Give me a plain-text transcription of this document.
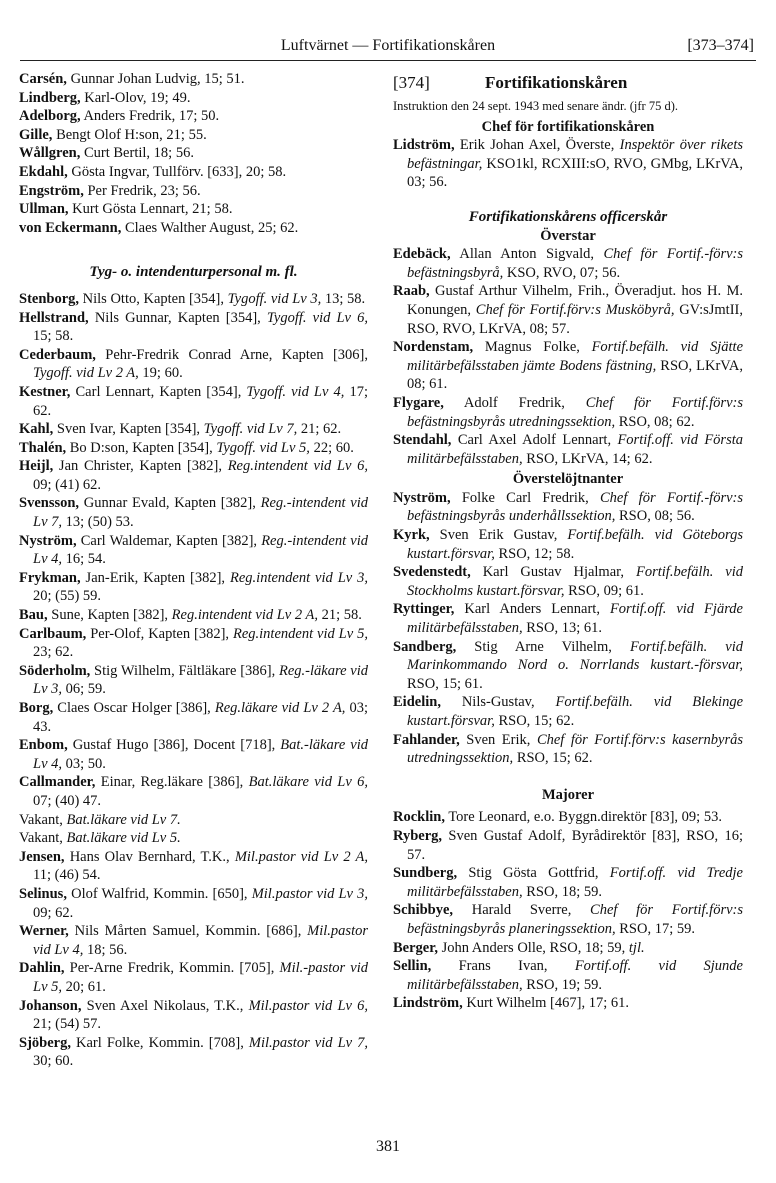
Luftvärnet — Fortifikationskåren	[373–374]
Carsén, Gunnar Johan Ludvig, 15; 51.
Lindberg, Karl-Olov, 19; 49.
Adelborg, Anders Fredrik, 17; 50.
Gille, Bengt Olof H:son, 21; 55.
Wållgren, Curt Bertil, 18; 56.
Ekdahl, Gösta Ingvar, Tullförv. [633], 20; 58.
Engström, Per Fredrik, 23; 56.
Ullman, Kurt Gösta Lennart, 21; 58.
von Eckermann, Claes Walther August, 25; 62.
Tyg- o. intendenturpersonal m. fl.
Stenborg, Nils Otto, Kapten [354], Tygoff. vid Lv 3, 13; 58.
Hellstrand, Nils Gunnar, Kapten [354], Tygoff. vid Lv 6, 15; 58.
Cederbaum, Pehr-Fredrik Conrad Arne, Kapten [306], Tygoff. vid Lv 2 A, 19; 60.
Kestner, Carl Lennart, Kapten [354], Tygoff. vid Lv 4, 17; 62.
Kahl, Sven Ivar, Kapten [354], Tygoff. vid Lv 7, 21; 62.
Thalén, Bo D:son, Kapten [354], Tygoff. vid Lv 5, 22; 60.
Heijl, Jan Christer, Kapten [382], Reg.intendent vid Lv 6, 09; (41) 62.
Svensson, Gunnar Evald, Kapten [382], Reg.-intendent vid Lv 7, 13; (50) 53.
Nyström, Carl Waldemar, Kapten [382], Reg.-intendent vid Lv 4, 16; 54.
Frykman, Jan-Erik, Kapten [382], Reg.intendent vid Lv 3, 20; (55) 59.
Bau, Sune, Kapten [382], Reg.intendent vid Lv 2 A, 21; 58.
Carlbaum, Per-Olof, Kapten [382], Reg.intendent vid Lv 5, 23; 62.
Söderholm, Stig Wilhelm, Fältläkare [386], Reg.-läkare vid Lv 3, 06; 59.
Borg, Claes Oscar Holger [386], Reg.läkare vid Lv 2 A, 03; 43.
Enbom, Gustaf Hugo [386], Docent [718], Bat.-läkare vid Lv 4, 03; 50.
Callmander, Einar, Reg.läkare [386], Bat.läkare vid Lv 6, 07; (40) 47.
Vakant, Bat.läkare vid Lv 7.
Vakant, Bat.läkare vid Lv 5.
Jensen, Hans Olav Bernhard, T.K., Mil.pastor vid Lv 2 A, 11; (46) 54.
Selinus, Olof Walfrid, Kommin. [650], Mil.pastor vid Lv 3, 09; 62.
Werner, Nils Mårten Samuel, Kommin. [686], Mil.pastor vid Lv 4, 18; 56.
Dahlin, Per-Arne Fredrik, Kommin. [705], Mil.-pastor vid Lv 5, 20; 61.
Johanson, Sven Axel Nikolaus, T.K., Mil.pastor vid Lv 6, 21; (54) 57.
Sjöberg, Karl Folke, Kommin. [708], Mil.pastor vid Lv 7, 30; 60.
[374]	Fortifikationskåren
Instruktion den 24 sept. 1943 med senare ändr. (jfr 75 d).
Chef för fortifikationskåren
Lidström, Erik Johan Axel, Överste, Inspektör över rikets befästningar, KSO1kl, RCXIII:sO, RVO, GMbg, LKrVA, 03; 56.
Fortifikationskårens officerskår
Överstar
Edebäck, Allan Anton Sigvald, Chef för Fortif.-förv:s befästningsbyrå, KSO, RVO, 07; 56.
Raab, Gustaf Arthur Vilhelm, Frih., Överadjut. hos H. M. Konungen, Chef för Fortif.förv:s Musköbyrå, GV:sJmtII, RSO, RVO, LKrVA, 08; 57.
Nordenstam, Magnus Folke, Fortif.befälh. vid Sjätte militärbefälsstaben jämte Bodens fästning, RSO, LKrVA, 08; 61.
Flygare, Adolf Fredrik, Chef för Fortif.förv:s befästningsbyrås utredningssektion, RSO, 08; 62.
Stendahl, Carl Axel Adolf Lennart, Fortif.off. vid Första militärbefälsstaben, RSO, LKrVA, 14; 62.
Överstelöjtnanter
Nyström, Folke Carl Fredrik, Chef för Fortif.-förv:s befästningsbyrås underhållssektion, RSO, 08; 56.
Kyrk, Sven Erik Gustav, Fortif.befälh. vid Göteborgs kustart.försvar, RSO, 12; 58.
Svedenstedt, Karl Gustav Hjalmar, Fortif.befälh. vid Stockholms kustart.försvar, RSO, 09; 61.
Ryttinger, Karl Anders Lennart, Fortif.off. vid Fjärde militärbefälsstaben, RSO, 13; 61.
Sandberg, Stig Arne Vilhelm, Fortif.befälh. vid Marinkommando Nord o. Norrlands kustart.-försvar, RSO, 15; 61.
Eidelin, Nils-Gustav, Fortif.befälh. vid Blekinge kustart.försvar, RSO, 15; 62.
Fahlander, Sven Erik, Chef för Fortif.förv:s kasernbyrås utredningssektion, RSO, 15; 62.
Majorer
Rocklin, Tore Leonard, e.o. Byggn.direktör [83], 09; 53.
Ryberg, Sven Gustaf Adolf, Byrådirektör [83], RSO, 16; 57.
Sundberg, Stig Gösta Gottfrid, Fortif.off. vid Tredje militärbefälsstaben, RSO, 18; 59.
Schibbye, Harald Sverre, Chef för Fortif.förv:s befästningsbyrås planeringssektion, RSO, 17; 59.
Berger, John Anders Olle, RSO, 18; 59, tjl.
Sellin, Frans Ivan, Fortif.off. vid Sjunde militärbefälsstaben, RSO, 19; 59.
Lindström, Kurt Wilhelm [467], 17; 61.
381
